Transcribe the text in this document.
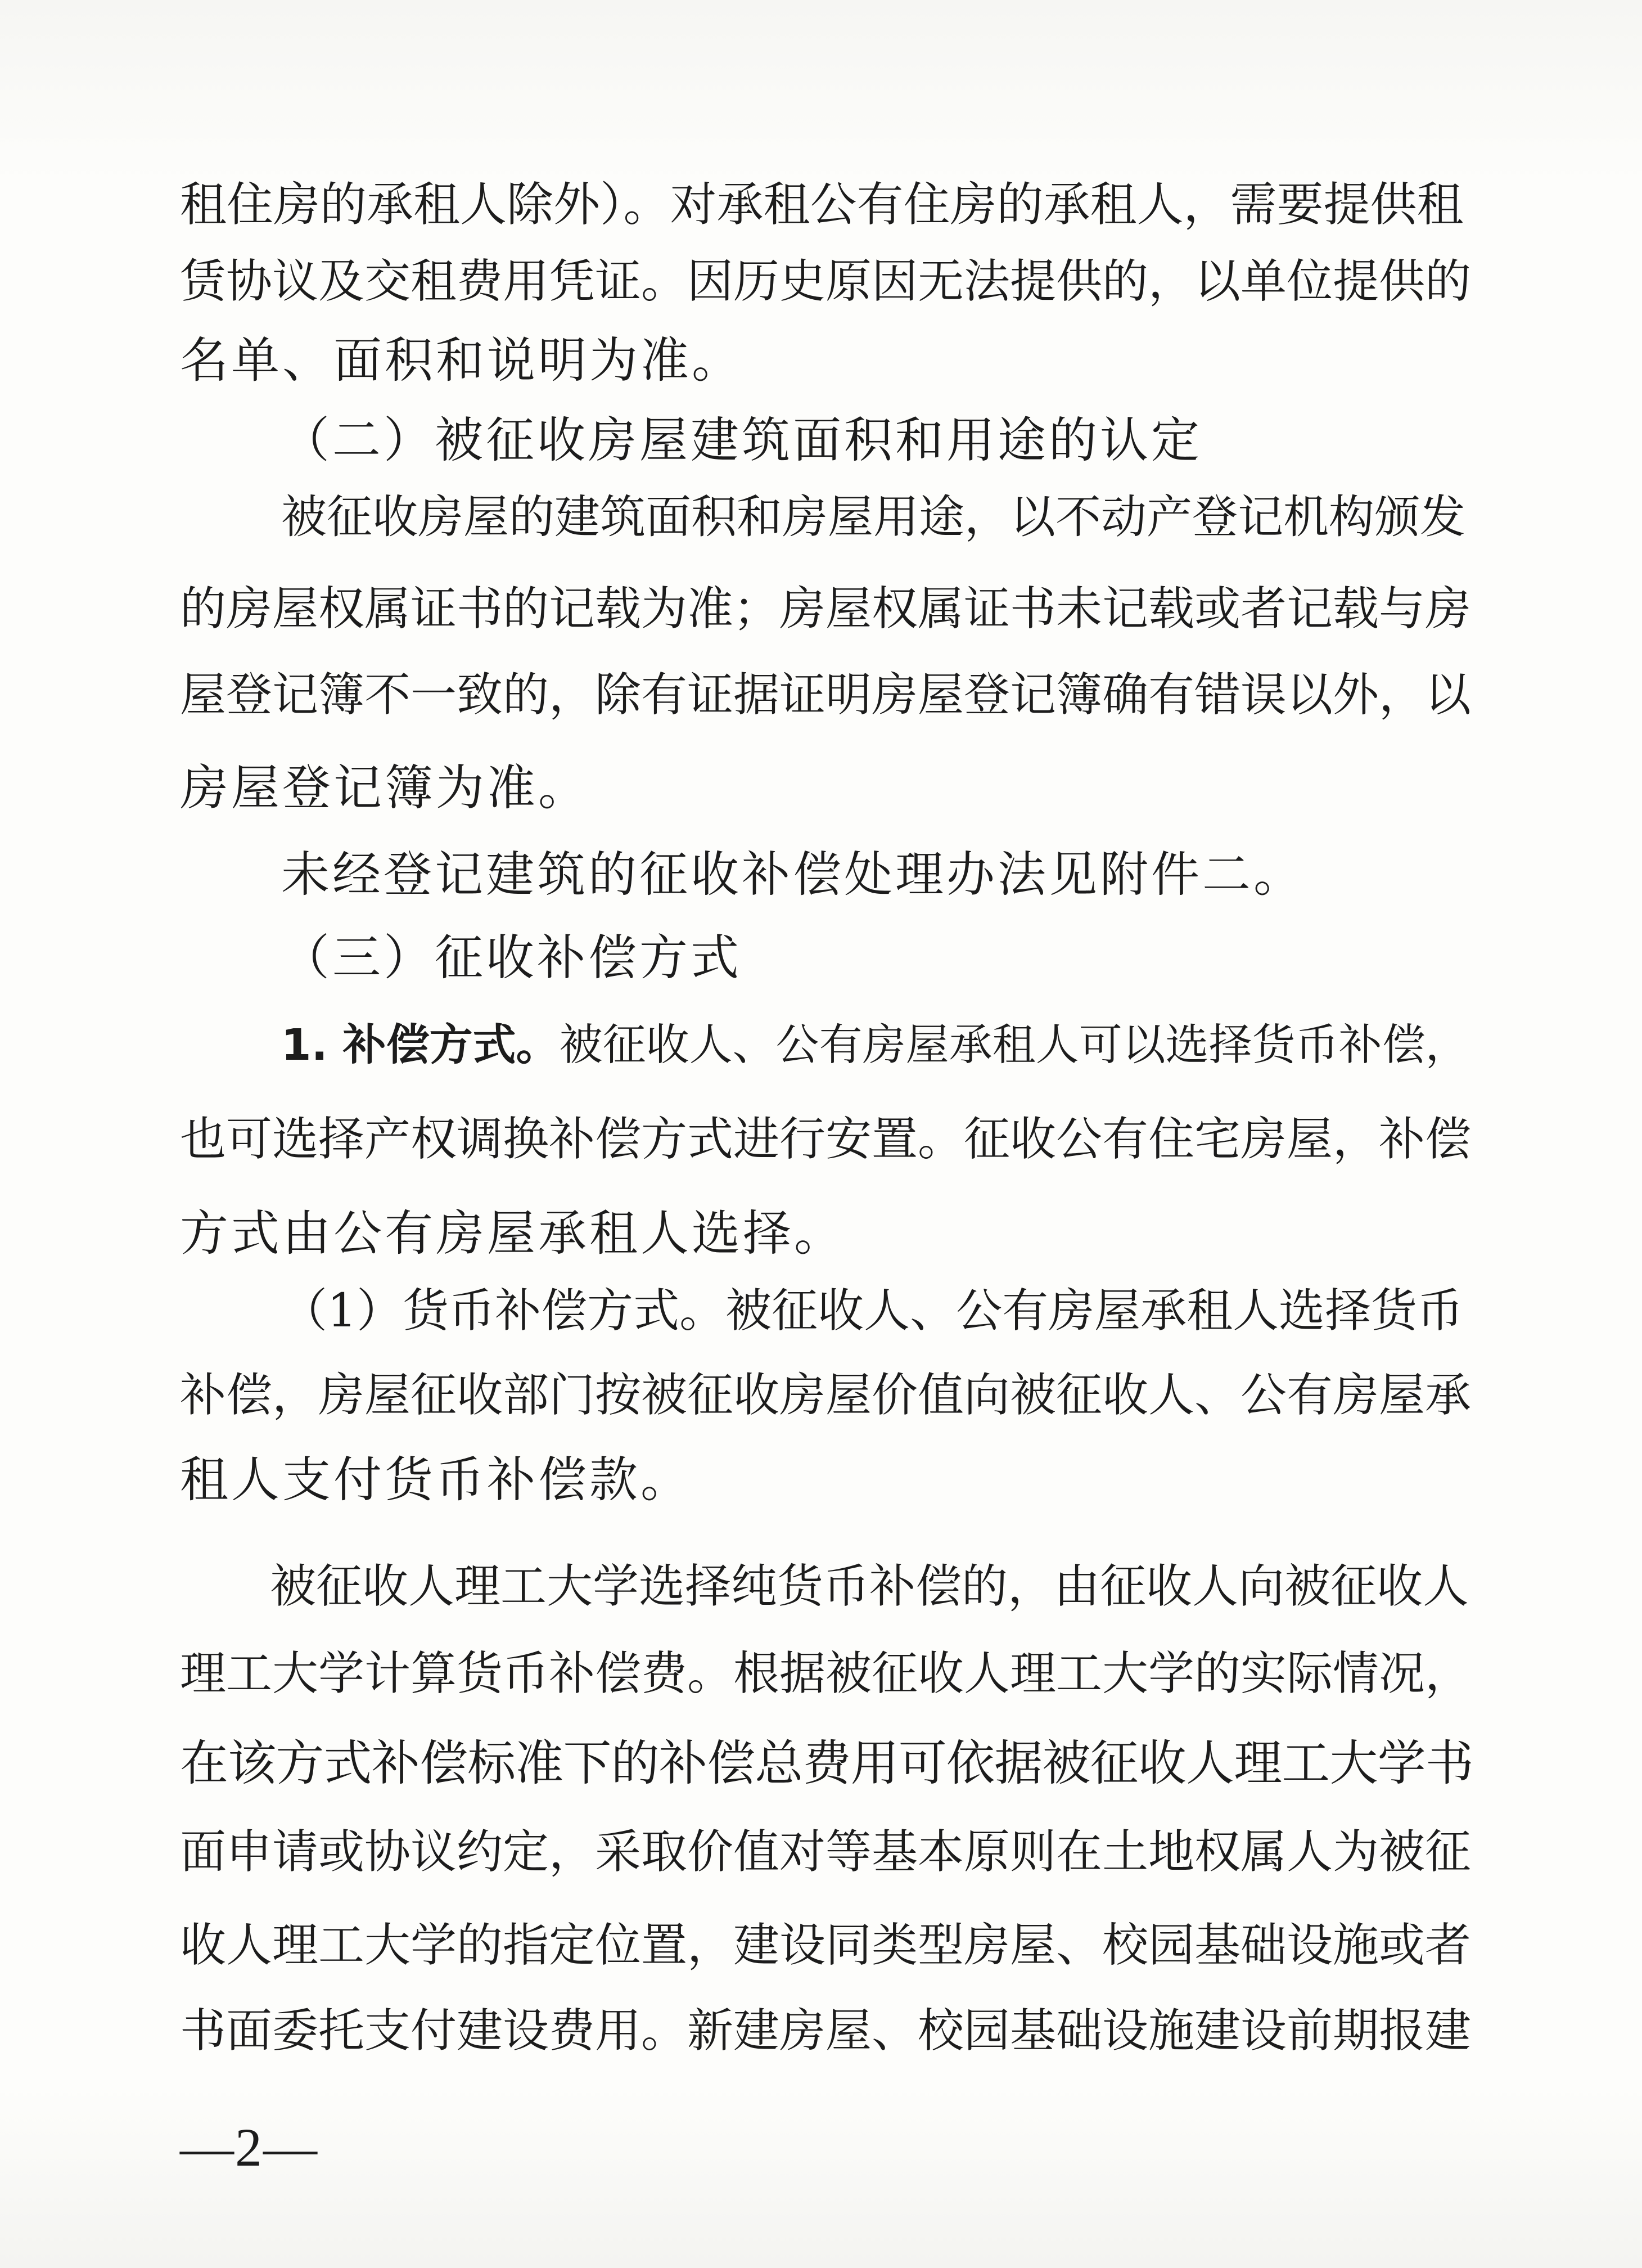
租住房的承租人除外）。对承租公有住房的承租人，需要提供租
赁协议及交租费用凭证。因历史原因无法提供的，以单位提供的
名单、面积和说明为准。
（二）被征收房屋建筑面积和用途的认定
被征收房屋的建筑面积和房屋用途，以不动产登记机构颁发
的房屋权属证书的记载为准；房屋权属证书未记载或者记载与房
屋登记簿不一致的，除有证据证明房屋登记簿确有错误以外，以
房屋登记簿为准。
未经登记建筑的征收补偿处理办法见附件二。
（三）征收补偿方式
1. 补偿方式。被征收人、公有房屋承租人可以选择货币补偿，
也可选择产权调换补偿方式进行安置。征收公有住宅房屋，补偿
方式由公有房屋承租人选择。
（1）货币补偿方式。被征收人、公有房屋承租人选择货币
补偿，房屋征收部门按被征收房屋价值向被征收人、公有房屋承
租人支付货币补偿款。
被征收人理工大学选择纯货币补偿的，由征收人向被征收人
理工大学计算货币补偿费。根据被征收人理工大学的实际情况，
在该方式补偿标准下的补偿总费用可依据被征收人理工大学书
面申请或协议约定，采取价值对等基本原则在土地权属人为被征
收人理工大学的指定位置，建设同类型房屋、校园基础设施或者
书面委托支付建设费用。新建房屋、校园基础设施建设前期报建
—2—
